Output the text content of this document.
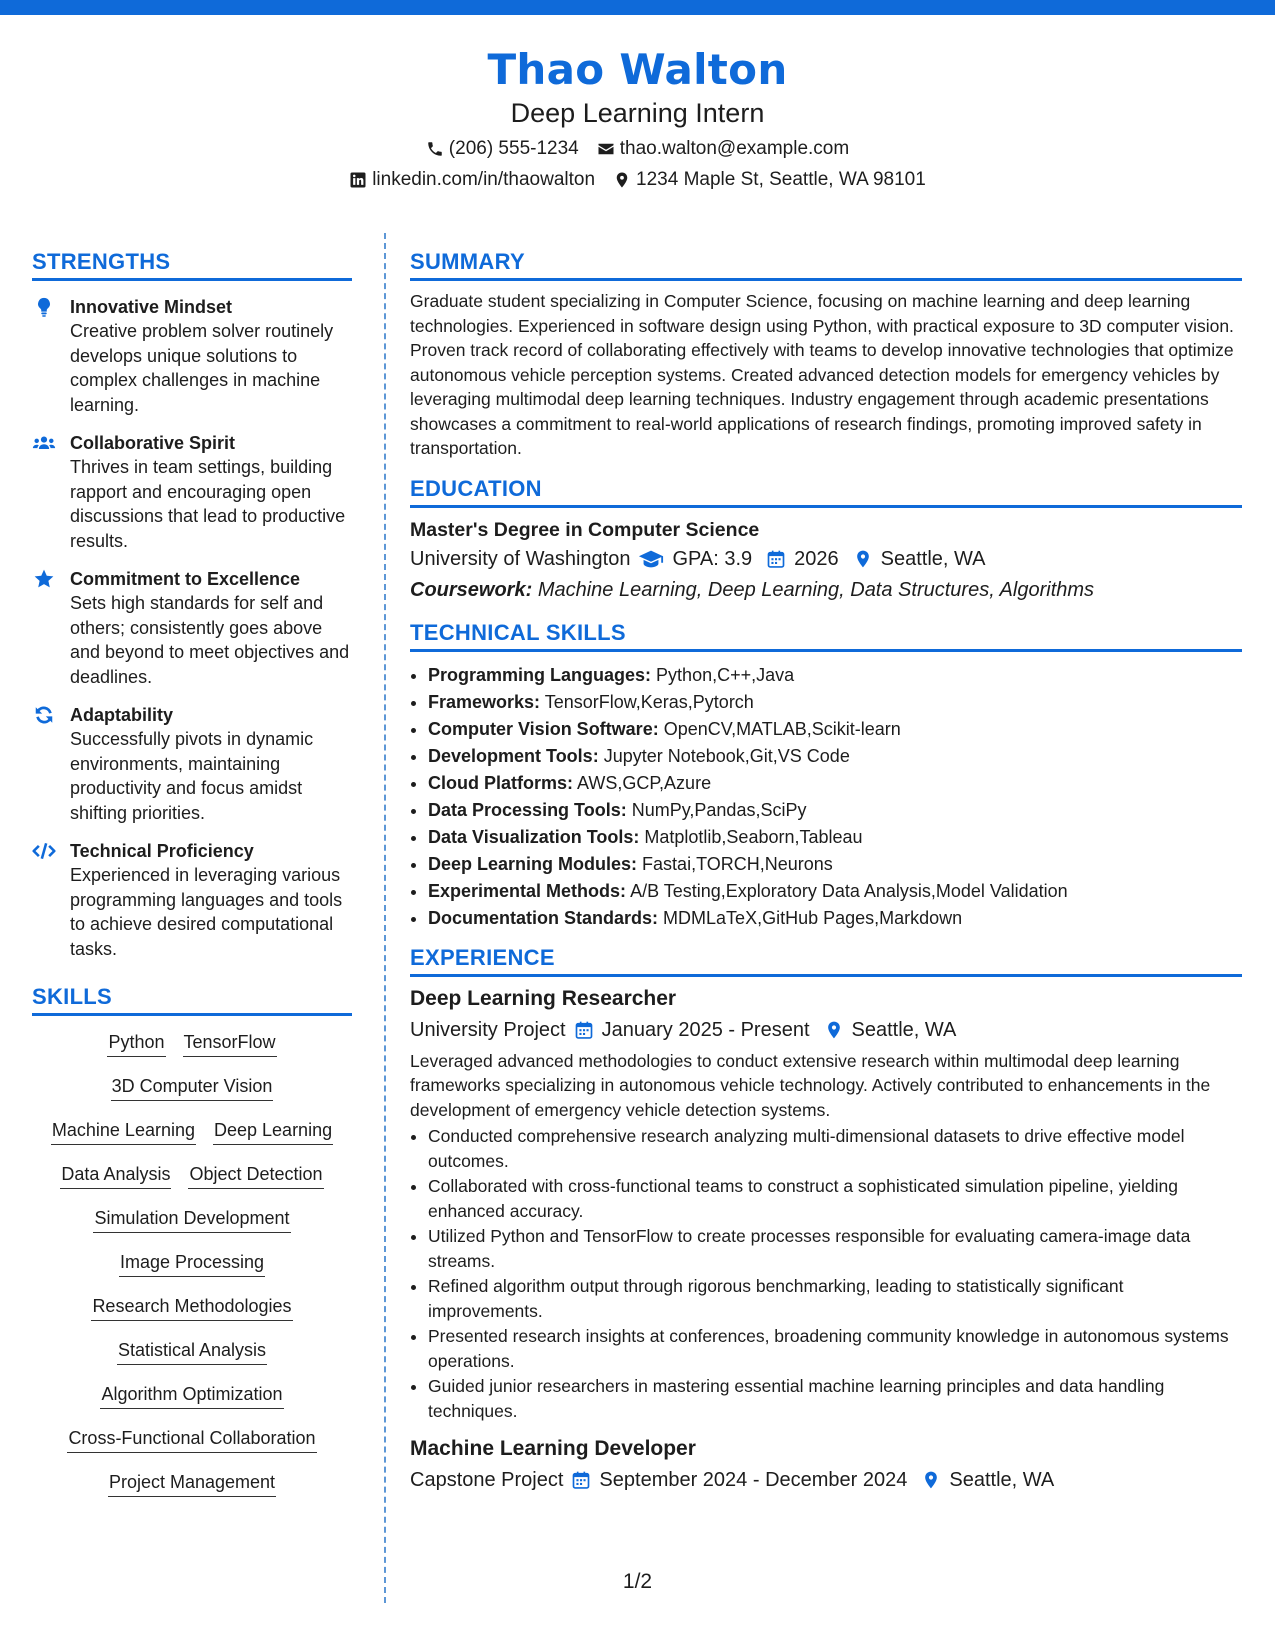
Thao Walton
Deep Learning Intern
(206) 555-1234 thao.walton@example.com
linkedin.com/in/thaowalton 1234 Maple St, Seattle, WA 98101
STRENGTHS
Innovative Mindset
Creative problem solver routinely develops unique solutions to complex challenges in machine learning.
Collaborative Spirit
Thrives in team settings, building rapport and encouraging open discussions that lead to productive results.
Commitment to Excellence
Sets high standards for self and others; consistently goes above and beyond to meet objectives and deadlines.
Adaptability
Successfully pivots in dynamic environments, maintaining productivity and focus amidst shifting priorities.
Technical Proficiency
Experienced in leveraging various programming languages and tools to achieve desired computational tasks.
SKILLS
Python TensorFlow
3D Computer Vision
Machine Learning Deep Learning
Data Analysis Object Detection
Simulation Development
Image Processing
Research Methodologies
Statistical Analysis
Algorithm Optimization
Cross-Functional Collaboration
Project Management
SUMMARY
Graduate student specializing in Computer Science, focusing on machine learning and deep learning technologies. Experienced in software design using Python, with practical exposure to 3D computer vision. Proven track record of collaborating effectively with teams to develop innovative technologies that optimize autonomous vehicle perception systems. Created advanced detection models for emergency vehicles by leveraging multimodal deep learning techniques. Industry engagement through academic presentations showcases a commitment to real-world applications of research findings, promoting improved safety in transportation.
EDUCATION
Master's Degree in Computer Science
University of Washington GPA: 3.9 2026 Seattle, WA
Coursework: Machine Learning, Deep Learning, Data Structures, Algorithms
TECHNICAL SKILLS
• Programming Languages: Python,C++,Java
• Frameworks: TensorFlow,Keras,Pytorch
• Computer Vision Software: OpenCV,MATLAB,Scikit-learn
• Development Tools: Jupyter Notebook,Git,VS Code
• Cloud Platforms: AWS,GCP,Azure
• Data Processing Tools: NumPy,Pandas,SciPy
• Data Visualization Tools: Matplotlib,Seaborn,Tableau
• Deep Learning Modules: Fastai,TORCH,Neurons
• Experimental Methods: A/B Testing,Exploratory Data Analysis,Model Validation
• Documentation Standards: MDMLaTeX,GitHub Pages,Markdown
EXPERIENCE
Deep Learning Researcher
University Project January 2025 - Present Seattle, WA
Leveraged advanced methodologies to conduct extensive research within multimodal deep learning frameworks specializing in autonomous vehicle technology. Actively contributed to enhancements in the development of emergency vehicle detection systems.
• Conducted comprehensive research analyzing multi-dimensional datasets to drive effective model outcomes.
• Collaborated with cross-functional teams to construct a sophisticated simulation pipeline, yielding enhanced accuracy.
• Utilized Python and TensorFlow to create processes responsible for evaluating camera-image data streams.
• Refined algorithm output through rigorous benchmarking, leading to statistically significant improvements.
• Presented research insights at conferences, broadening community knowledge in autonomous systems operations.
• Guided junior researchers in mastering essential machine learning principles and data handling techniques.
Machine Learning Developer
Capstone Project September 2024 - December 2024 Seattle, WA
1/2
